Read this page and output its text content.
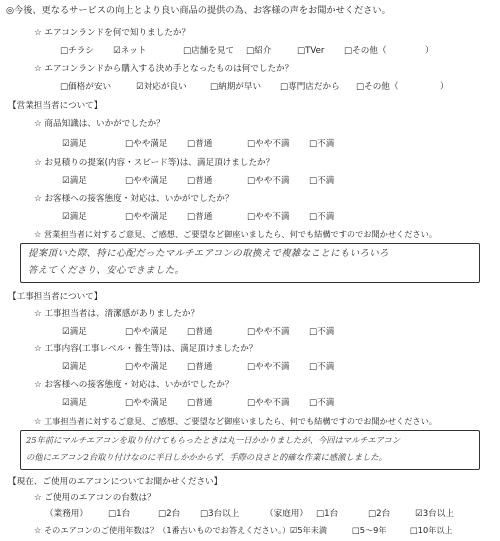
◎今後、更なるサービスの向上とより良い商品の提供の為、お客様の声をお聞かせください。
☆ エアコンランドを何で知りましたか？
□チラシ ☑ネット	□店舗を見て □紹介	□TVer □その他（	）
☆ エアコンランドから購入する決め手となったものは何でしたか？
□価格が安い	☑対応が良い	□納期が早い □専門店だから □その他（	）
【営業担当者について】
☆ 商品知識は、いかがでしたか？
☑満足	□やや満足 □普通	□やや不満 □不満
☆ お見積りの提案(内容・スピード等)は、満足頂けましたか？
☑満足	□やや満足 □普通	□やや不満 □不満
☆ お客様への接客態度・対応は、いかがでしたか？
☑満足	□やや満足 □普通	□やや不満 □不満
☆ 営業担当者に対するご意見、ご感想、ご要望など御座いましたら、何でも結構ですのでお聞かせください。
提案頂いた際、特に心配だったマルチエアコンの取換えで複雑なことにもいろいろ
答えてくださり、安心できました。
【工事担当者について】
☆ 工事担当者は、清潔感がありましたか？
☑満足	□やや満足 □普通	□やや不満 □不満
☆ 工事内容(工事レベル・養生等)は、満足頂けましたか？
☑満足	□やや満足 □普通	□やや不満 □不満
☆ お客様への接客態度・対応は、いかがでしたか？
☑満足	□やや満足 □普通	□やや不満 □不満
☆ 工事担当者に対するご意見、ご感想、ご要望など御座いましたら、何でも結構ですのでお聞かせください。
25年前にマルチエアコンを取り付けてもらったときは丸一日かかりましたが、今回はマルチエアコン
の他にエアコン2台取り付けなのに半日しかかからず、手際の良さと的確な作業に感激しました。
【現在、ご使用のエアコンについてお聞かせください】
☆ ご使用のエアコンの台数は？
（業務用） □1台	□2台 □3台以上	（家庭用） □1台	□2台	☑3台以上
☆ そのエアコンのご使用年数は？（1番古いものでお答えください。） ☑5年未満	□5～9年	□10年以上
